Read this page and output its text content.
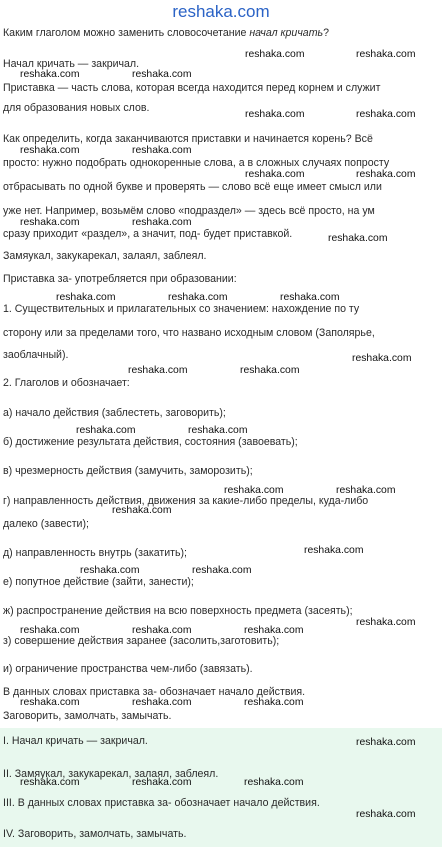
reshaka.com
Каким глаголом можно заменить словосочетание начал кричать?
Начал кричать — закричал.
Приставка — часть слова, которая всегда находится перед корнем и служит
для образования новых слов.
Как определить, когда заканчиваются приставки и начинается корень? Всё
просто: нужно подобрать однокоренные слова, а в сложных случаях попросту
отбрасывать по одной букве и проверять — слово всё еще имеет смысл или
уже нет. Например, возьмём слово «подраздел» — здесь всё просто, на ум
сразу приходит «раздел», а значит, под- будет приставкой.
Замяукал, закукарекал, залаял, заблеял.
Приставка за- употребляется при образовании:
1. Существительных и прилагательных со значением: нахождение по ту
сторону или за пределами того, что названо исходным словом (Заполярье,
заоблачный).
2. Глаголов и обозначает:
а) начало действия (заблестеть, заговорить);
б) достижение результата действия, состояния (завоевать);
в) чрезмерность действия (замучить, заморозить);
г) направленность действия, движения за какие-либо пределы, куда-либо
далеко (завести);
д) направленность внутрь (закатить);
е) попутное действие (зайти, занести);
ж) распространение действия на всю поверхность предмета (засеять);
з) совершение действия заранее (засолить,заготовить);
и) ограничение пространства чем-либо (завязать).
В данных словах приставка за- обозначает начало действия.
Заговорить, замолчать, замычать.
I. Начал кричать — закричал.
II. Замяукал, закукарекал, залаял, заблеял.
III. В данных словах приставка за- обозначает начало действия.
IV. Заговорить, замолчать, замычать.
reshaka.com	reshaka.com
reshaka.com	reshaka.com
reshaka.com	reshaka.com
reshaka.com	reshaka.com
reshaka.com	reshaka.com
reshaka.com	reshaka.com
reshaka.com
reshaka.com	reshaka.com	reshaka.com
reshaka.com
reshaka.com	reshaka.com
reshaka.com	reshaka.com
reshaka.com	reshaka.com
reshaka.com
reshaka.com
reshaka.com	reshaka.com
reshaka.com
reshaka.com	reshaka.com	reshaka.com
reshaka.com	reshaka.com	reshaka.com
reshaka.com
reshaka.com	reshaka.com	reshaka.com
reshaka.com
